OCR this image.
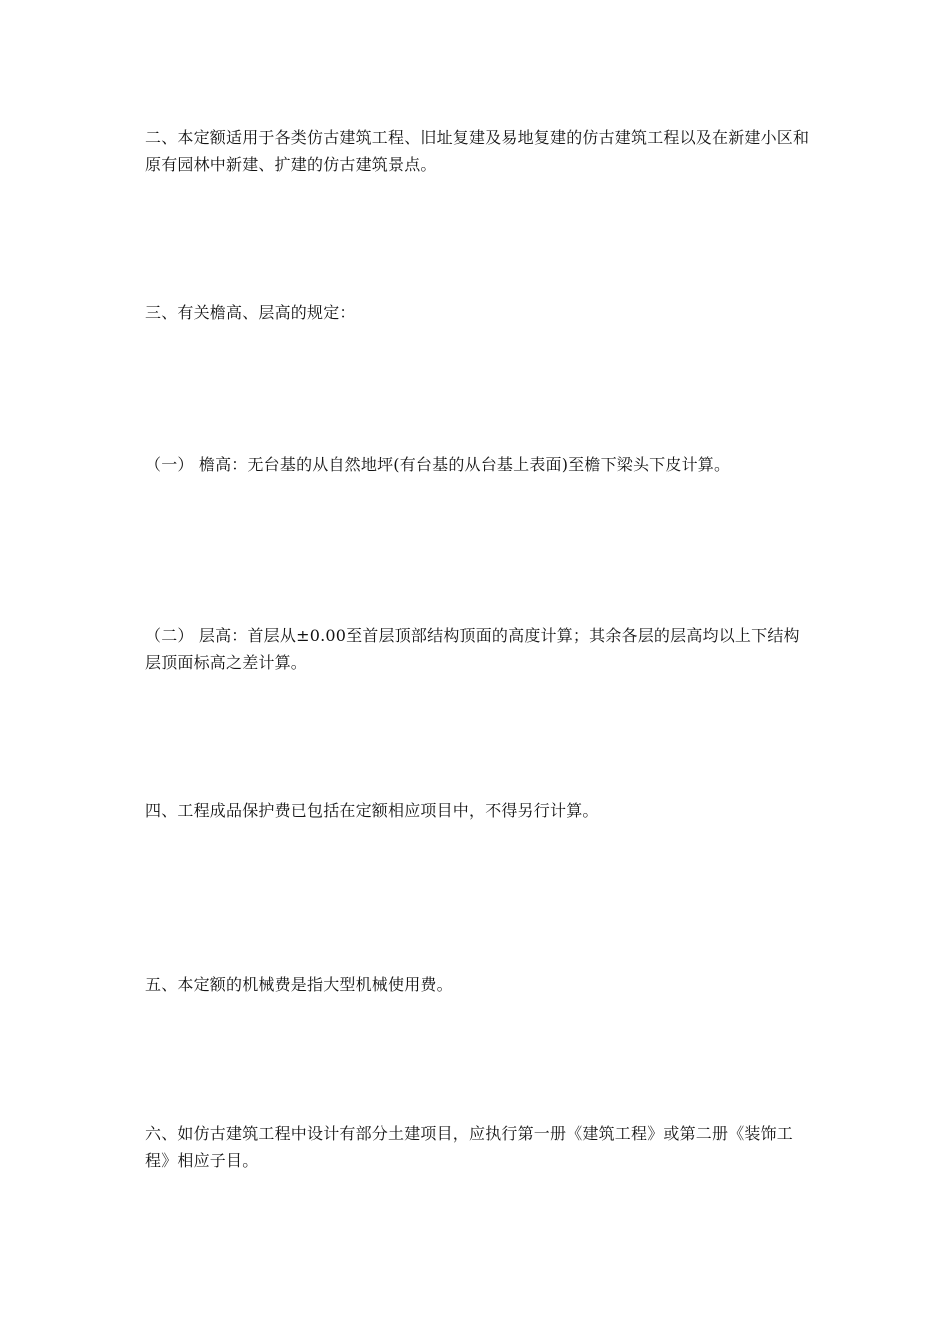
二、本定额适用于各类仿古建筑工程、旧址复建及易地复建的仿古建筑工程以及在新建小区和原有园林中新建、扩建的仿古建筑景点。

三、有关檐高、层高的规定：

（一） 檐高：无台基的从自然地坪(有台基的从台基上表面)至檐下梁头下皮计算。

（二） 层高：首层从±0.00至首层顶部结构顶面的高度计算；其余各层的层高均以上下结构层顶面标高之差计算。

四、工程成品保护费已包括在定额相应项目中，不得另行计算。

五、本定额的机械费是指大型机械使用费。

六、如仿古建筑工程中设计有部分土建项目，应执行第一册《建筑工程》或第二册《装饰工程》相应子目。
